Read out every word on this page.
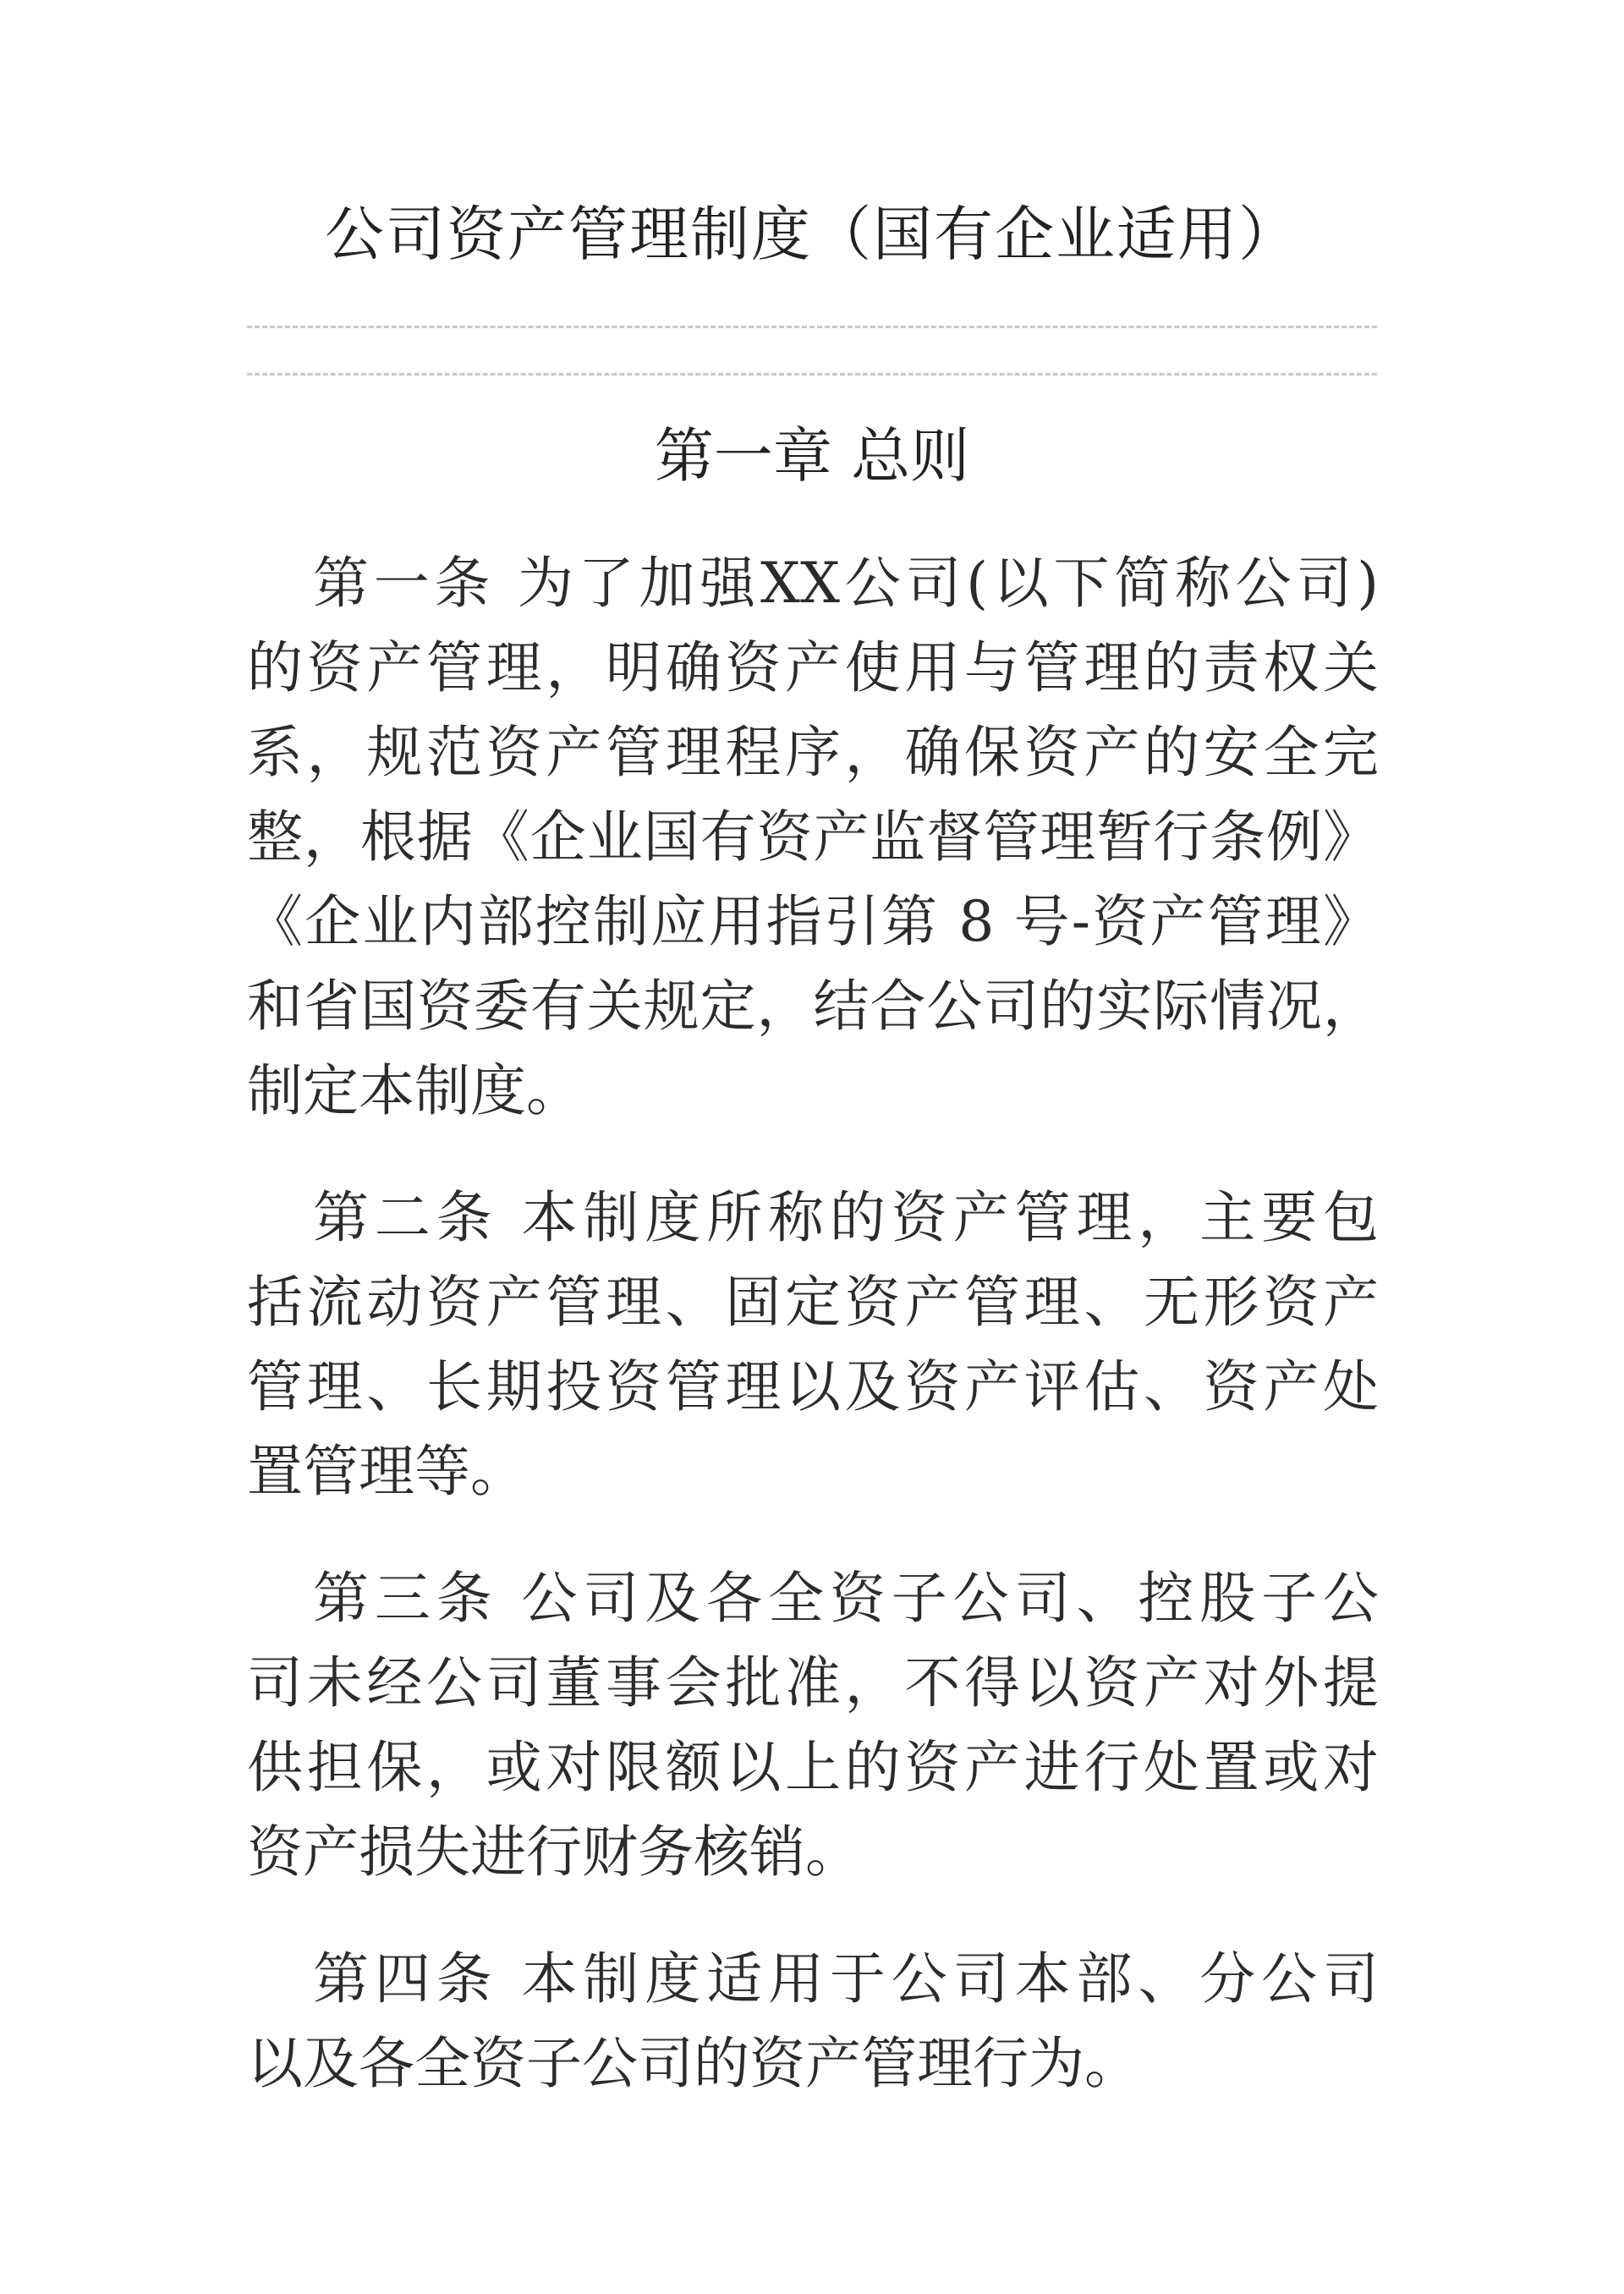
公司资产管理制度（国有企业适用）
第一章 总则
第一条 为了加强XX公司(以下简称公司)
的资产管理，明确资产使用与管理的责权关
系，规范资产管理程序，确保资产的安全完
整，根据《企业国有资产监督管理暂行条例》
《企业内部控制应用指引第 8 号-资产管理》
和省国资委有关规定，结合公司的实际情况，
制定本制度。
第二条 本制度所称的资产管理，主要包
括流动资产管理、固定资产管理、无形资产
管理、长期投资管理以及资产评估、资产处
置管理等。
第三条 公司及各全资子公司、控股子公
司未经公司董事会批准，不得以资产对外提
供担保，或对限额以上的资产进行处置或对
资产损失进行财务核销。
第四条 本制度适用于公司本部、分公司
以及各全资子公司的资产管理行为。
